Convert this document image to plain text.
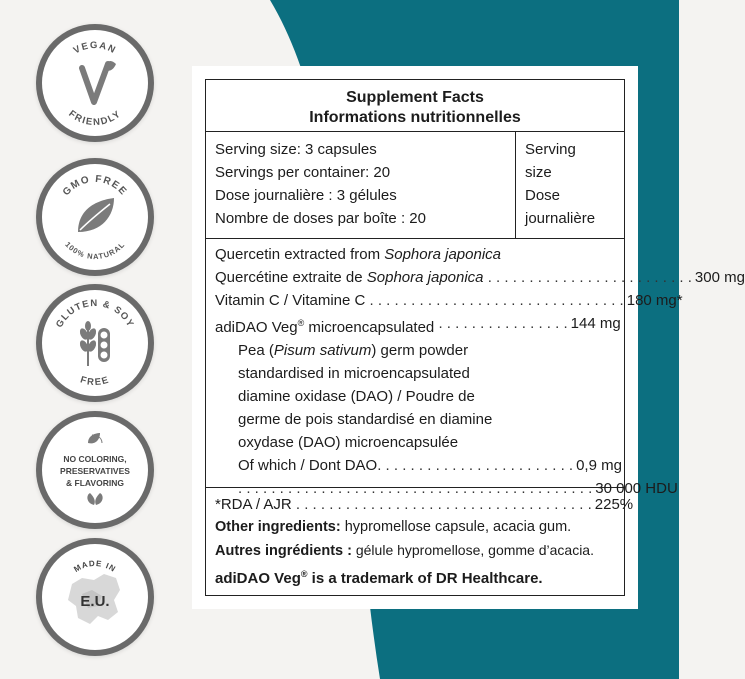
VEGAN
FRIENDLY
GMO FREE
100% NATURAL
GLUTEN & SOY
FREE
NO COLORING,
PRESERVATIVES
& FLAVORING
MADE IN
E.U.
Supplement Facts
Informations nutritionnelles
Serving size: 3 capsules
Servings per container: 20
Dose journalière : 3 gélules
Nombre de doses par boîte : 20
Serving
size
Dose
journalière
Quercetin extracted from Sophora japonica
Quercétine extraite de Sophora japonica . . . . . . . . . . . . . . . . . . . . . . . . . 300 mg
Vitamin C / Vitamine C . . . . . . . . . . . . . . . . . . . . . . . . . . . . . . . 180 mg*
adiDAO Veg® microencapsulated . . . . . . . . . . . . . . . . 144 mg
Pea (Pisum sativum) germ powder
standardised in microencapsulated
diamine oxidase (DAO) / Poudre de
germe de pois standardisé en diamine
oxydase (DAO) microencapsulée
Of which / Dont DAO . . . . . . . . . . . . . . . . . . . . . . . . 0,9 mg
. . . . . . . . . . . . . . . . . . . . . . . . . . . . . . . . . . . . . . . . . . . 30 000 HDU
*RDA / AJR . . . . . . . . . . . . . . . . . . . . . . . . . . . . . . . . . . . . 225%
Other ingredients: hypromellose capsule, acacia gum.
Autres ingrédients : gélule hypromellose, gomme d’acacia.
adiDAO Veg® is a trademark of DR Healthcare.
